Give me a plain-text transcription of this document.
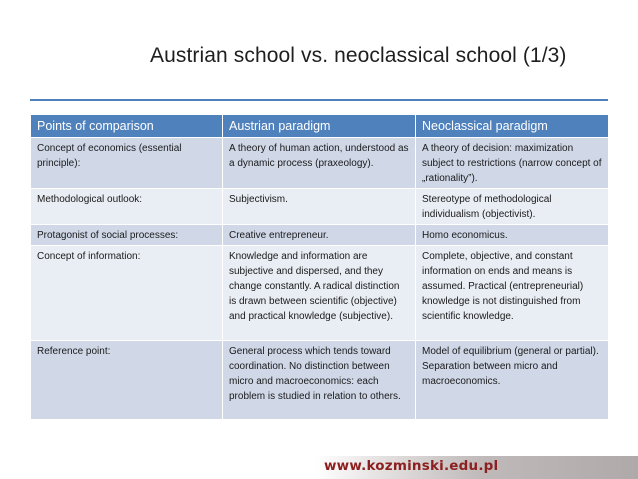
Austrian school vs. neoclassical school (1/3)
Points of comparison	Austrian paradigm	Neoclassical paradigm
Concept of economics (essential principle):	A theory of human action, understood as a dynamic process (praxeology).	A theory of decision: maximization subject to restrictions (narrow concept of „rationality”).
Methodological outlook:	Subjectivism.	Stereotype of methodological individualism (objectivist).
Protagonist of social processes:	Creative entrepreneur.	Homo economicus.
Concept of information:	Knowledge and information are subjective and dispersed, and they change constantly. A radical distinction is drawn between scientific (objective) and practical knowledge (subjective).	Complete, objective, and constant information on ends and means is assumed. Practical (entrepreneurial) knowledge is not distinguished from scientific knowledge.
Reference point:	General process which tends toward coordination. No distinction between micro and macroeconomics: each problem is studied in relation to others.	Model of equilibrium (general or partial). Separation between micro and macroeconomics.
www.kozminski.edu.pl
